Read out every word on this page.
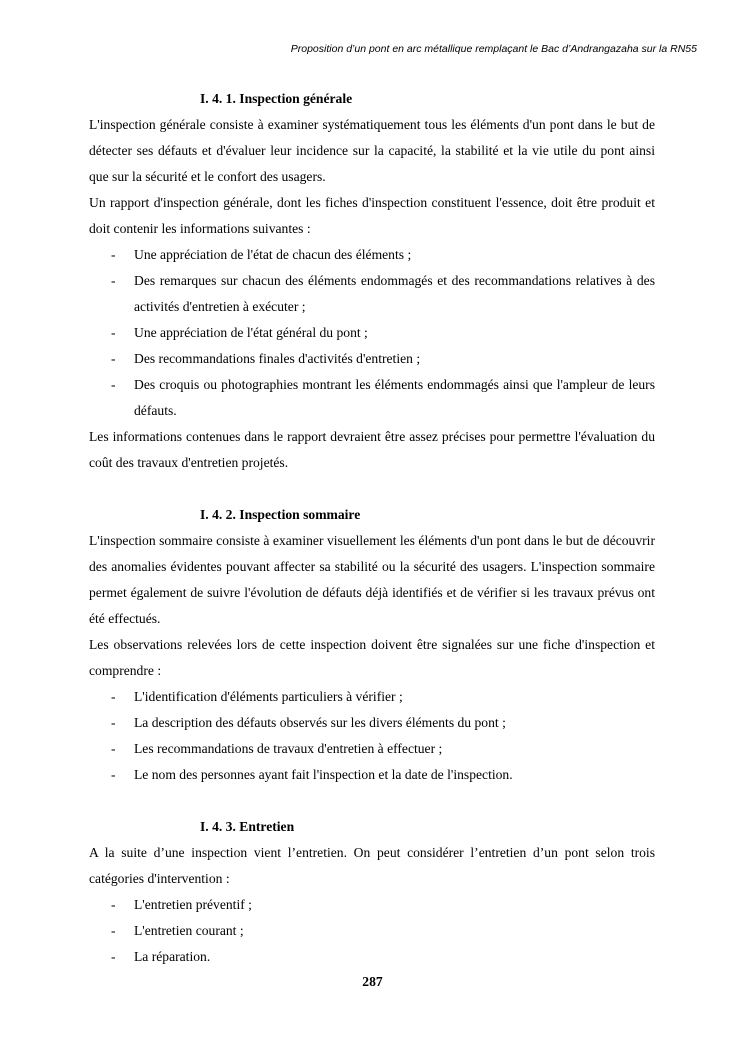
Proposition d’un pont en arc métallique remplaçant le Bac d’Andrangazaha sur la RN55
I. 4. 1. Inspection générale

L'inspection générale consiste à examiner systématiquement tous les éléments d'un pont dans le but de détecter ses défauts et d'évaluer leur incidence sur la capacité, la stabilité et la vie utile du pont ainsi que sur la sécurité et le confort des usagers.

Un rapport d'inspection générale, dont les fiches d'inspection constituent l'essence, doit être produit et doit contenir les informations suivantes :

- Une appréciation de l'état de chacun des éléments ;
- Des remarques sur chacun des éléments endommagés et des recommandations relatives à des activités d'entretien à exécuter ;
- Une appréciation de l'état général du pont ;
- Des recommandations finales d'activités d'entretien ;
- Des croquis ou photographies montrant les éléments endommagés ainsi que l'ampleur de leurs défauts.

Les informations contenues dans le rapport devraient être assez précises pour permettre l'évaluation du coût des travaux d'entretien projetés.

I. 4. 2. Inspection sommaire

L'inspection sommaire consiste à examiner visuellement les éléments d'un pont dans le but de découvrir des anomalies évidentes pouvant affecter sa stabilité ou la sécurité des usagers. L'inspection sommaire permet également de suivre l'évolution de défauts déjà identifiés et de vérifier si les travaux prévus ont été effectués.

Les observations relevées lors de cette inspection doivent être signalées sur une fiche d'inspection et comprendre :

- L'identification d'éléments particuliers à vérifier ;
- La description des défauts observés sur les divers éléments du pont ;
- Les recommandations de travaux d'entretien à effectuer ;
- Le nom des personnes ayant fait l'inspection et la date de l'inspection.
I. 4. 3. Entretien

A la suite d’une inspection vient l’entretien. On peut considérer l’entretien d’un pont selon trois catégories d'intervention :

- L'entretien préventif ;
- L'entretien courant ;
- La réparation.
287
